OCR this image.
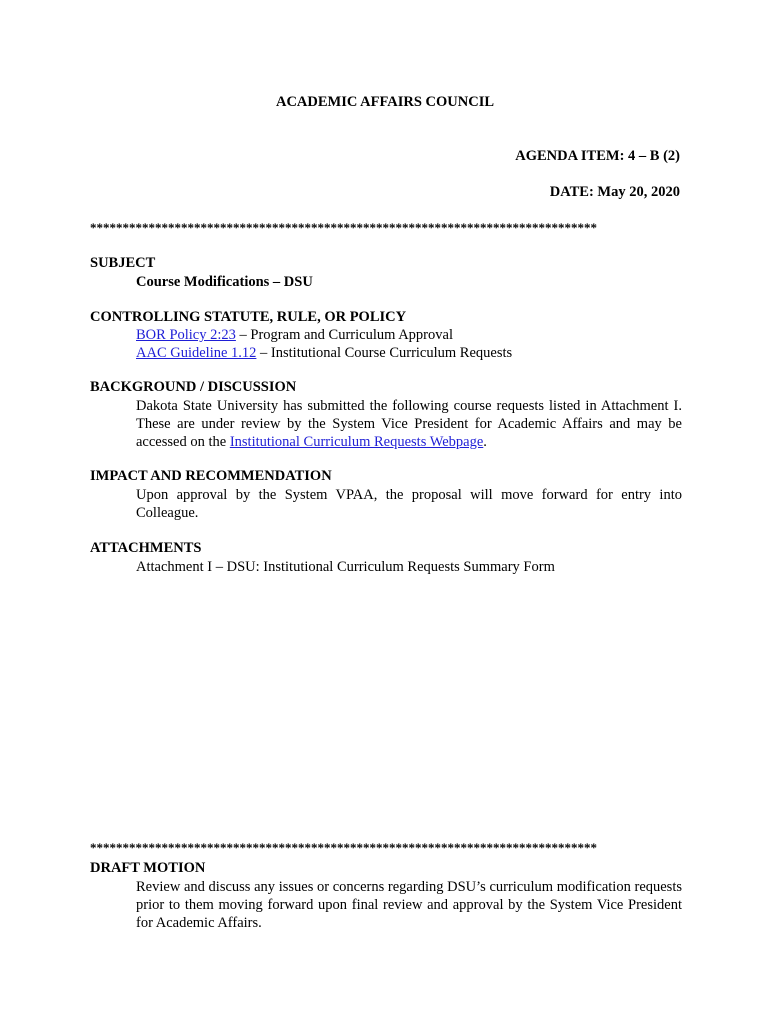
ACADEMIC AFFAIRS COUNCIL
AGENDA ITEM: 4 – B (2)
DATE: May 20, 2020
******************************************************************************
SUBJECT
Course Modifications – DSU
CONTROLLING STATUTE, RULE, OR POLICY
BOR Policy 2:23 – Program and Curriculum Approval
AAC Guideline 1.12 – Institutional Course Curriculum Requests
BACKGROUND / DISCUSSION
Dakota State University has submitted the following course requests listed in Attachment I. These are under review by the System Vice President for Academic Affairs and may be accessed on the Institutional Curriculum Requests Webpage.
IMPACT AND RECOMMENDATION
Upon approval by the System VPAA, the proposal will move forward for entry into Colleague.
ATTACHMENTS
Attachment I – DSU: Institutional Curriculum Requests Summary Form
******************************************************************************
DRAFT MOTION
Review and discuss any issues or concerns regarding DSU’s curriculum modification requests prior to them moving forward upon final review and approval by the System Vice President for Academic Affairs.
